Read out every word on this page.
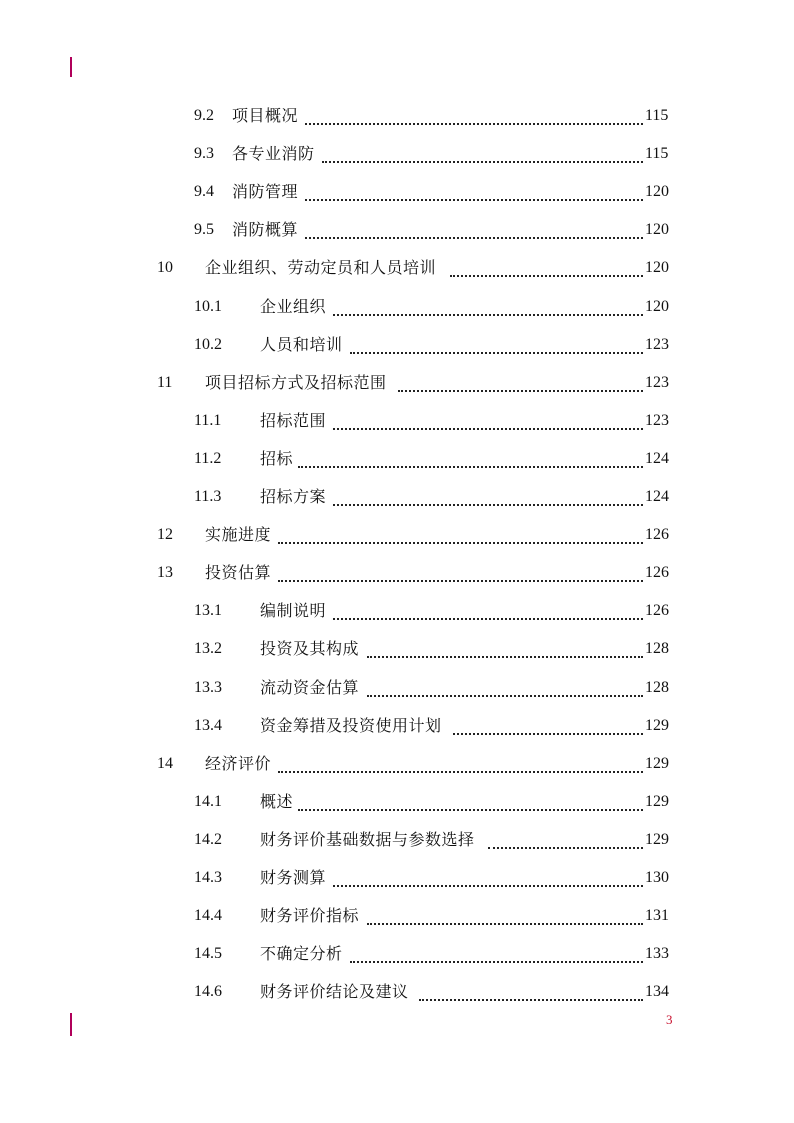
9.2 项目概况	115
9.3 各专业消防	115
9.4 消防管理	120
9.5 消防概算	120
10 企业组织、劳动定员和人员培训	120
10.1 企业组织	120
10.2 人员和培训	123
11 项目招标方式及招标范围	123
11.1 招标范围	123
11.2 招标	124
11.3 招标方案	124
12 实施进度	126
13 投资估算	126
13.1 编制说明	126
13.2 投资及其构成	128
13.3 流动资金估算	128
13.4 资金筹措及投资使用计划	129
14 经济评价	129
14.1 概述	129
14.2 财务评价基础数据与参数选择	129
14.3 财务测算	130
14.4 财务评价指标	131
14.5 不确定分析	133
14.6 财务评价结论及建议	134
3
